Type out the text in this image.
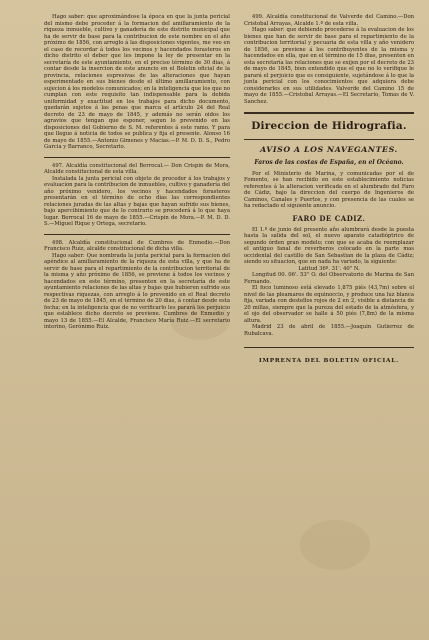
Hago saber: que aproximándose la época en que la junta pericial del mismo debe proceder á la formacion del amillaramiento de la riqueza inmueble, cultivo y ganadería de este distrito municipal que ha de servir de base para la contribucion de este nombre en el año próximo de 1856, con arreglo á las disposiciones vigentes, me veo en el caso de recordar á todos los vecinos y hacendados forasteros en dicho distrito el deber que les impone la ley de presentar en la secretaría de este ayuntamiento, en el preciso término de 30 dias, á contar desde la insercion de este anuncio en el Boletin oficial de la provincia, relaciones espresivas de las alteraciones que hayan esperimentado en sus bienes desde el último amillaramiento, con sujecion á los modelos comunicados; en la inteligencia que los que no cumplan con este requisito tan indispensable para la debida uniformidad y exactitud en los trabajos para dicho documento, quedarán sujetos á las penas que marca el artículo 24 del Real decreto de 23 de mayo de 1845, y además no serán oidos los agravios que tengan que esponer, segun lo prevenido en las disposiciones del Gobierno de S. M. referentes á este ramo. Y para que llegue á noticia de todos se publica y fija el presente. Alonso 16 de mayo de 1855.—Antonio Gimenes y Macias.—P. M. D. D. S., Pedro Garcia y Barranco, Secretario.

497. Alcaldía constitucional del Berrocal.— Don Crispin de Mora, Alcalde constitucional de esta villa.

Instalada la junta pericial con objeto de proceder á los trabajos y evaluacion para la contribucion de inmuebles, cultivo y ganadería del año próximo venidero, los vecinos y hacendados forasteros presentarán en el término de ocho dias las correspondientes relaciones juradas de las altas y bajas que hayan sufrido sus bienes, bajo apercibimiento que de lo contrario se procederá á lo que haya lugar. Berrocal 16 de mayo de 1855.—Crispin de Mora.—P. M. D. D. S.—Miguel Rique y Ortega, secretario.

498. Alcaldía constitucional de Cumbres de Enmedio.—Don Francisco Ruiz, alcalde constitucional de dicha villa.

Hago saber: Que nombrada la junta pericial para la formacion del apéndice al amillaramiento de la riqueza de esta villa, y que ha de servir de base para el repartimiento de la contribucion territorial de la misma y año próximo de 1856, se previene á todos los vecinos y hacendados en este término, presenten en la secretaría de este ayuntamiento relaciones de las altas y bajas que hubieren sufrido sus respectivas riquezas, con arreglo á lo prevenido en el Real decreto de 23 de mayo de 1845, en el término de 20 dias, á contar desde esta fecha; en la inteligencia que de no verificarlo les parará los perjuicio que establece dicho decreto se previene. Cumbres de Enmedio y mayo 13 de 1855.—El Alcalde, Francisco María Ruiz.—El secretario interino, Gerónimo Ruiz.

499. Alcaldía constitucional de Valverde del Camino.—Don Cristobal Arrayas, Alcalde 1.º de esta villa.

Hago saber: que debiendo procederse á la evaluacion de los bienes que han de servir de base para el repartimiento de la contribucion territorial y pecuaria de esta villa y año venidero de 1856, se previene á los contribuyentes de la misma y hacendados en ella, que en el término de 15 dias, presenten en esta secretaría las relaciones que se exijen por el decreto de 23 de mayo de 1845, bien entendido que el que no lo verifique le parará el perjuicio que es consiguiente, sujetándose á lo que la junta pericial con los conocimientos que adquiera debe considerarles en sus utilidades. Valverde del Camino 15 de mayo de 1855.—Cristobal Arrayas.—El Secretario, Tomas de V. Sanchez.

Direccion de Hidrografia.
AVISO A LOS NAVEGANTES.
Faros de las costas de España, en el Océano.

Por el Ministerio de Marina, y comunicadas por el de Fomento, se han recibido en este establecimiento noticias referentes á la alteracion verificada en el alumbrado del Faro de Cádiz, bajo la direccion del cuerpo de Ingenieros de Caminos, Canales y Puertos, y con presencia de las cuales se ha redactado el siguiente anuncio.

FARO DE CADIZ.

El 1.º de junio del presente año alumbrará desde la puesta hasta la salida del sol, el nuevo aparato catadióptrico de segundo órden gran modelo; con que se acaba de reemplazar el antiguo fanal de reverberos colocado en la parte mas occidental del castillo de San Sebastian de la plaza de Cádiz; siendo su situacion, que en nada ha variado, la siguiente:

Latitud 36º. 31'. 40" N.

Longitud 00. 06'. 53" O. del Observatorio de Marina de San Fernando.

El foco luminoso está elevado 1,875 piés (43,7m) sobre el nivel de las pleamares de equinoccio, y produce una luz blanca fija, variada con destellos rojos de 2 en 2, visible a distancia de 20 millas, siempre que la pureza del estado de la atmósfera, y el ojo del observador se halle á 50 piés (7,8m) de la misma altura.

Madrid 23 de abril de 1855.—Joaquin Gutierrez de Rubalcava.

IMPRENTA DEL BOLETIN OFICIAL.
